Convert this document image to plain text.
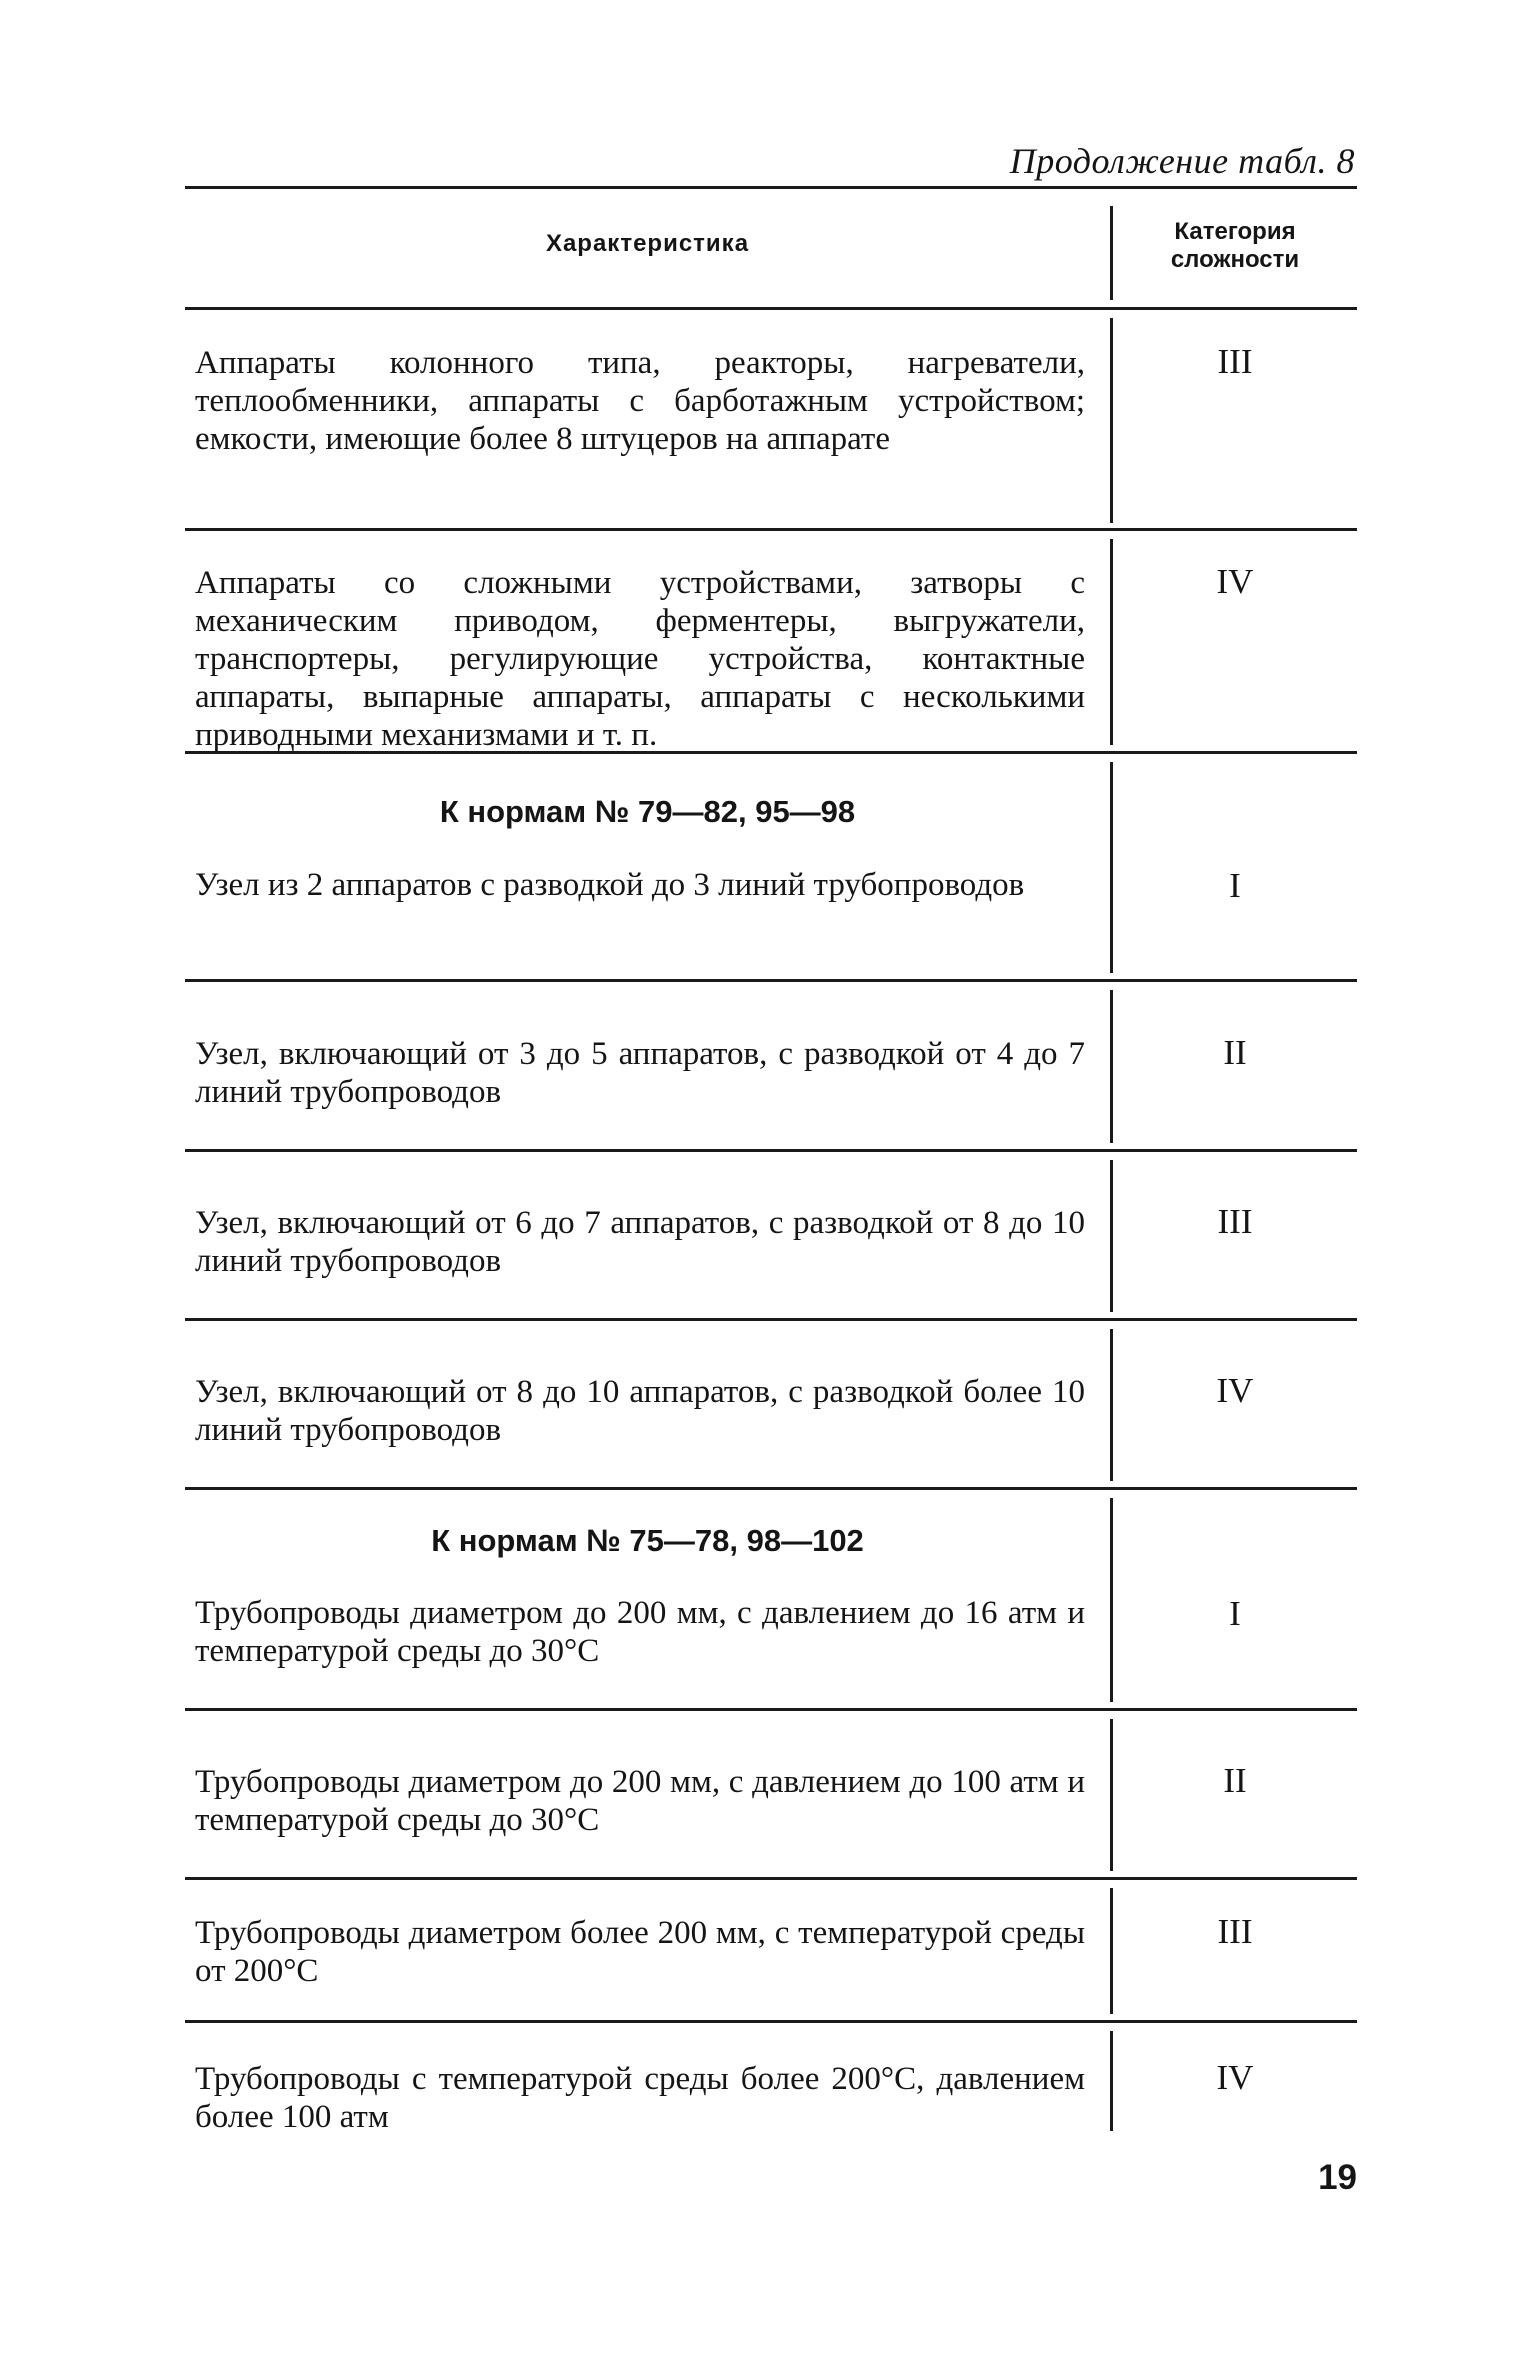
Продолжение табл. 8
Характеристика	Категория
сложности
Аппараты колонного типа, реакторы, нагреватели, теплообменники, аппараты с барботажным устройством; емкости, имеющие более 8 штуцеров на аппарате
III
Аппараты со сложными устройствами, затворы с механическим приводом, ферментеры, выгружатели, транспортеры, регулирующие устройства, контактные аппараты, выпарные аппараты, аппараты с несколькими приводными механизмами и т. п.
IV
К нормам № 79—82, 95—98
Узел из 2 аппаратов с разводкой до 3 линий трубопроводов	I
Узел, включающий от 3 до 5 аппаратов, с разводкой от 4 до 7 линий трубопроводов
II
Узел, включающий от 6 до 7 аппаратов, с разводкой от 8 до 10 линий трубопроводов
III
Узел, включающий от 8 до 10 аппаратов, с разводкой более 10 линий трубопроводов
IV
К нормам № 75—78, 98—102
Трубопроводы диаметром до 200 мм, с давлением до 16 атм и температурой среды до 30°С
I
Трубопроводы диаметром до 200 мм, с давлением до 100 атм и температурой среды до 30°С
II
Трубопроводы диаметром более 200 мм, с температурой среды от 200°С
III
Трубопроводы с температурой среды более 200°С, давлением более 100 атм
IV
19
